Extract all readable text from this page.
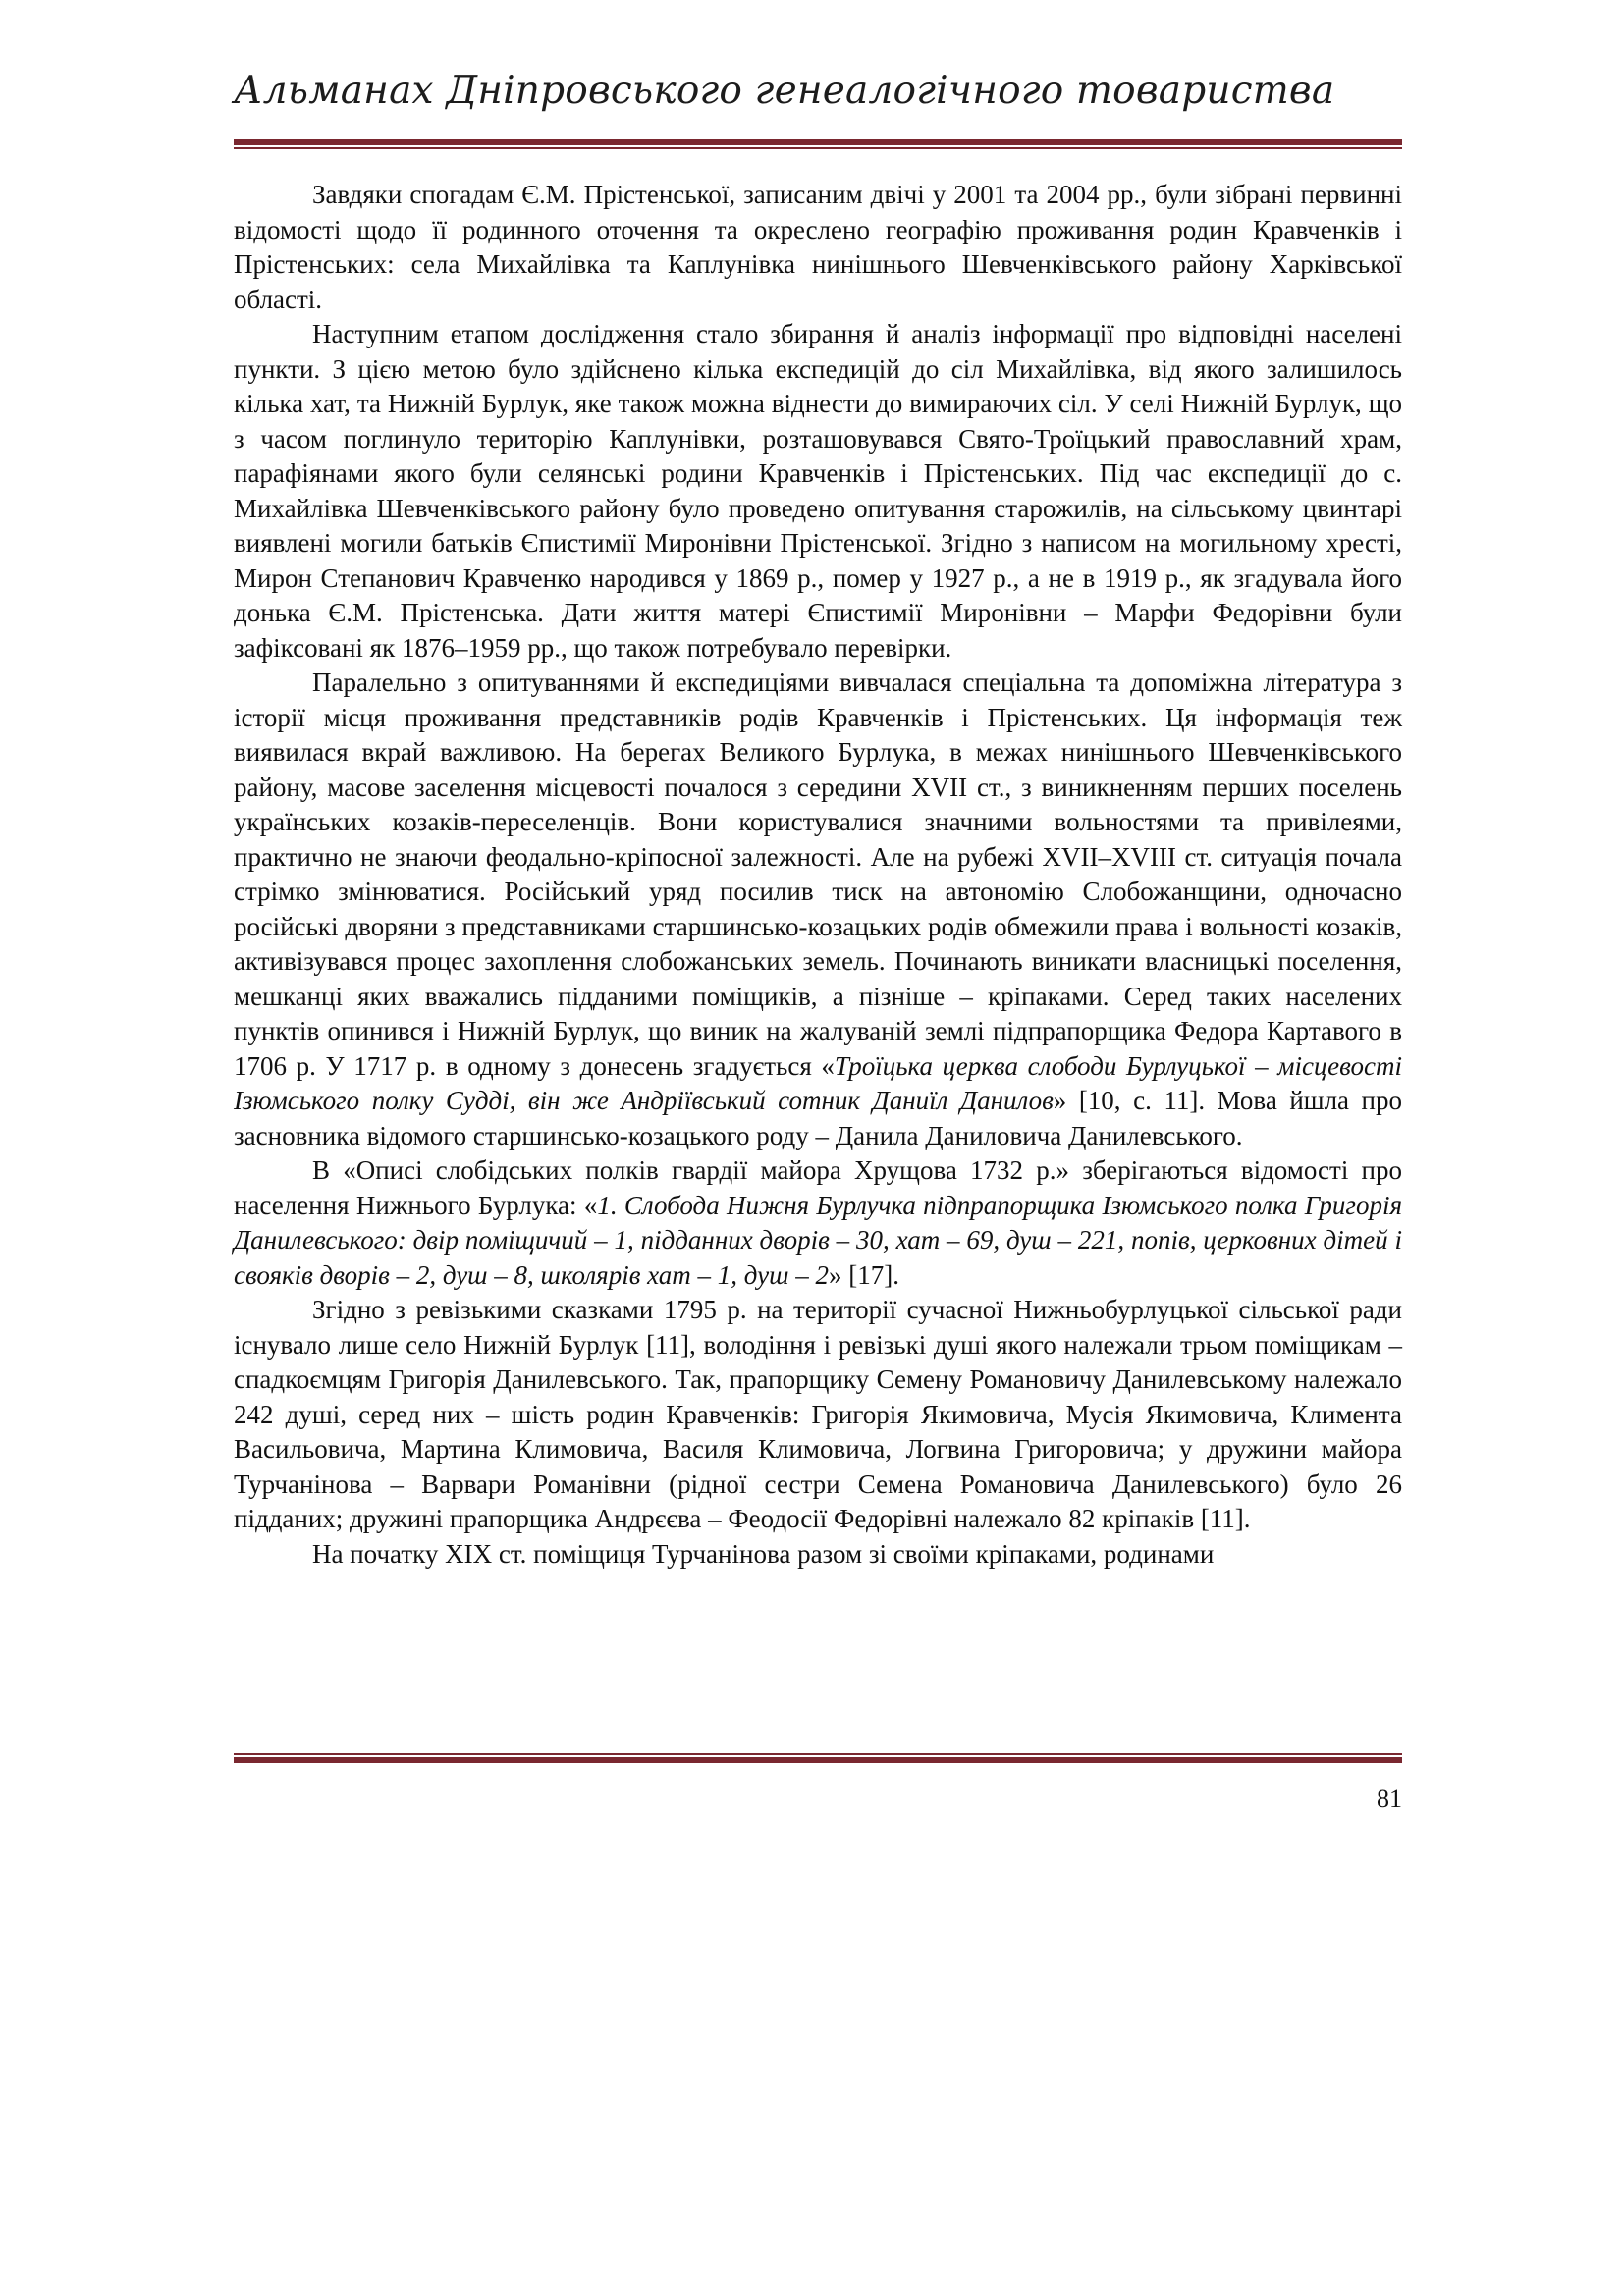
Альманах Дніпровського генеалогічного товариства

Завдяки спогадам Є.М. Прістенської, записаним двічі у 2001 та 2004 рр., були зібрані первинні відомості щодо її родинного оточення та окреслено географію проживання родин Кравченків і Прістенських: села Михайлівка та Каплунівка нинішнього Шевченківського району Харківської області.

Наступним етапом дослідження стало збирання й аналіз інформації про відповідні населені пункти. З цією метою було здійснено кілька експедицій до сіл Михайлівка, від якого залишилось кілька хат, та Нижній Бурлук, яке також можна віднести до вимираючих сіл. У селі Нижній Бурлук, що з часом поглинуло територію Каплунівки, розташовувався Свято-Троїцький православний храм, парафіянами якого були селянські родини Кравченків і Прістенських. Під час експедиції до с. Михайлівка Шевченківського району було проведено опитування старожилів, на сільському цвинтарі виявлені могили батьків Єпистимії Миронівни Прістенської. Згідно з написом на могильному хресті, Мирон Степанович Кравченко народився у 1869 р., помер у 1927 р., а не в 1919 р., як згадувала його донька Є.М. Прістенська. Дати життя матері Єпистимії Миронівни – Марфи Федорівни були зафіксовані як 1876–1959 рр., що також потребувало перевірки.

Паралельно з опитуваннями й експедиціями вивчалася спеціальна та допоміжна література з історії місця проживання представників родів Кравченків і Прістенських. Ця інформація теж виявилася вкрай важливою. На берегах Великого Бурлука, в межах нинішнього Шевченківського району, масове заселення місцевості почалося з середини XVII ст., з виникненням перших поселень українських козаків-переселенців. Вони користувалися значними вольностями та привілеями, практично не знаючи феодально-кріпосної залежності. Але на рубежі XVII–XVIII ст. ситуація почала стрімко змінюватися. Російський уряд посилив тиск на автономію Слобожанщини, одночасно російські дворяни з представниками старшинсько-козацьких родів обмежили права і вольності козаків, активізувався процес захоплення слобожанських земель. Починають виникати власницькі поселення, мешканці яких вважались підданими поміщиків, а пізніше – кріпаками. Серед таких населених пунктів опинився і Нижній Бурлук, що виник на жалуваній землі підпрапорщика Федора Картавого в 1706 р. У 1717 р. в одному з донесень згадується «Троїцька церква слободи Бурлуцької – місцевості Ізюмського полку Судді, він же Андріївський сотник Даниїл Данилов» [10, с. 11]. Мова йшла про засновника відомого старшинсько-козацького роду – Данила Даниловича Данилевського.

В «Описі слобідських полків гвардії майора Хрущова 1732 р.» зберігаються відомості про населення Нижнього Бурлука: «1. Слобода Нижня Бурлучка підпрапорщика Ізюмського полка Григорія Данилевського: двір поміщичий – 1, підданних дворів – 30, хат – 69, душ – 221, попів, церковних дітей і свояків дворів – 2, душ – 8, школярів хат – 1, душ – 2» [17].

Згідно з ревізькими сказками 1795 р. на території сучасної Нижньобурлуцької сільської ради існувало лише село Нижній Бурлук [11], володіння і ревізькі душі якого належали трьом поміщикам – спадкоємцям Григорія Данилевського. Так, прапорщику Семену Романовичу Данилевському належало 242 душі, серед них – шість родин Кравченків: Григорія Якимовича, Мусія Якимовича, Климента Васильовича, Мартина Климовича, Василя Климовича, Логвина Григоровича; у дружини майора Турчанінова – Варвари Романівни (рідної сестри Семена Романовича Данилевського) було 26 підданих; дружині прапорщика Андрєєва – Феодосії Федорівні належало 82 кріпаків [11].

На початку XIX ст. поміщиця Турчанінова разом зі своїми кріпаками, родинами

81
